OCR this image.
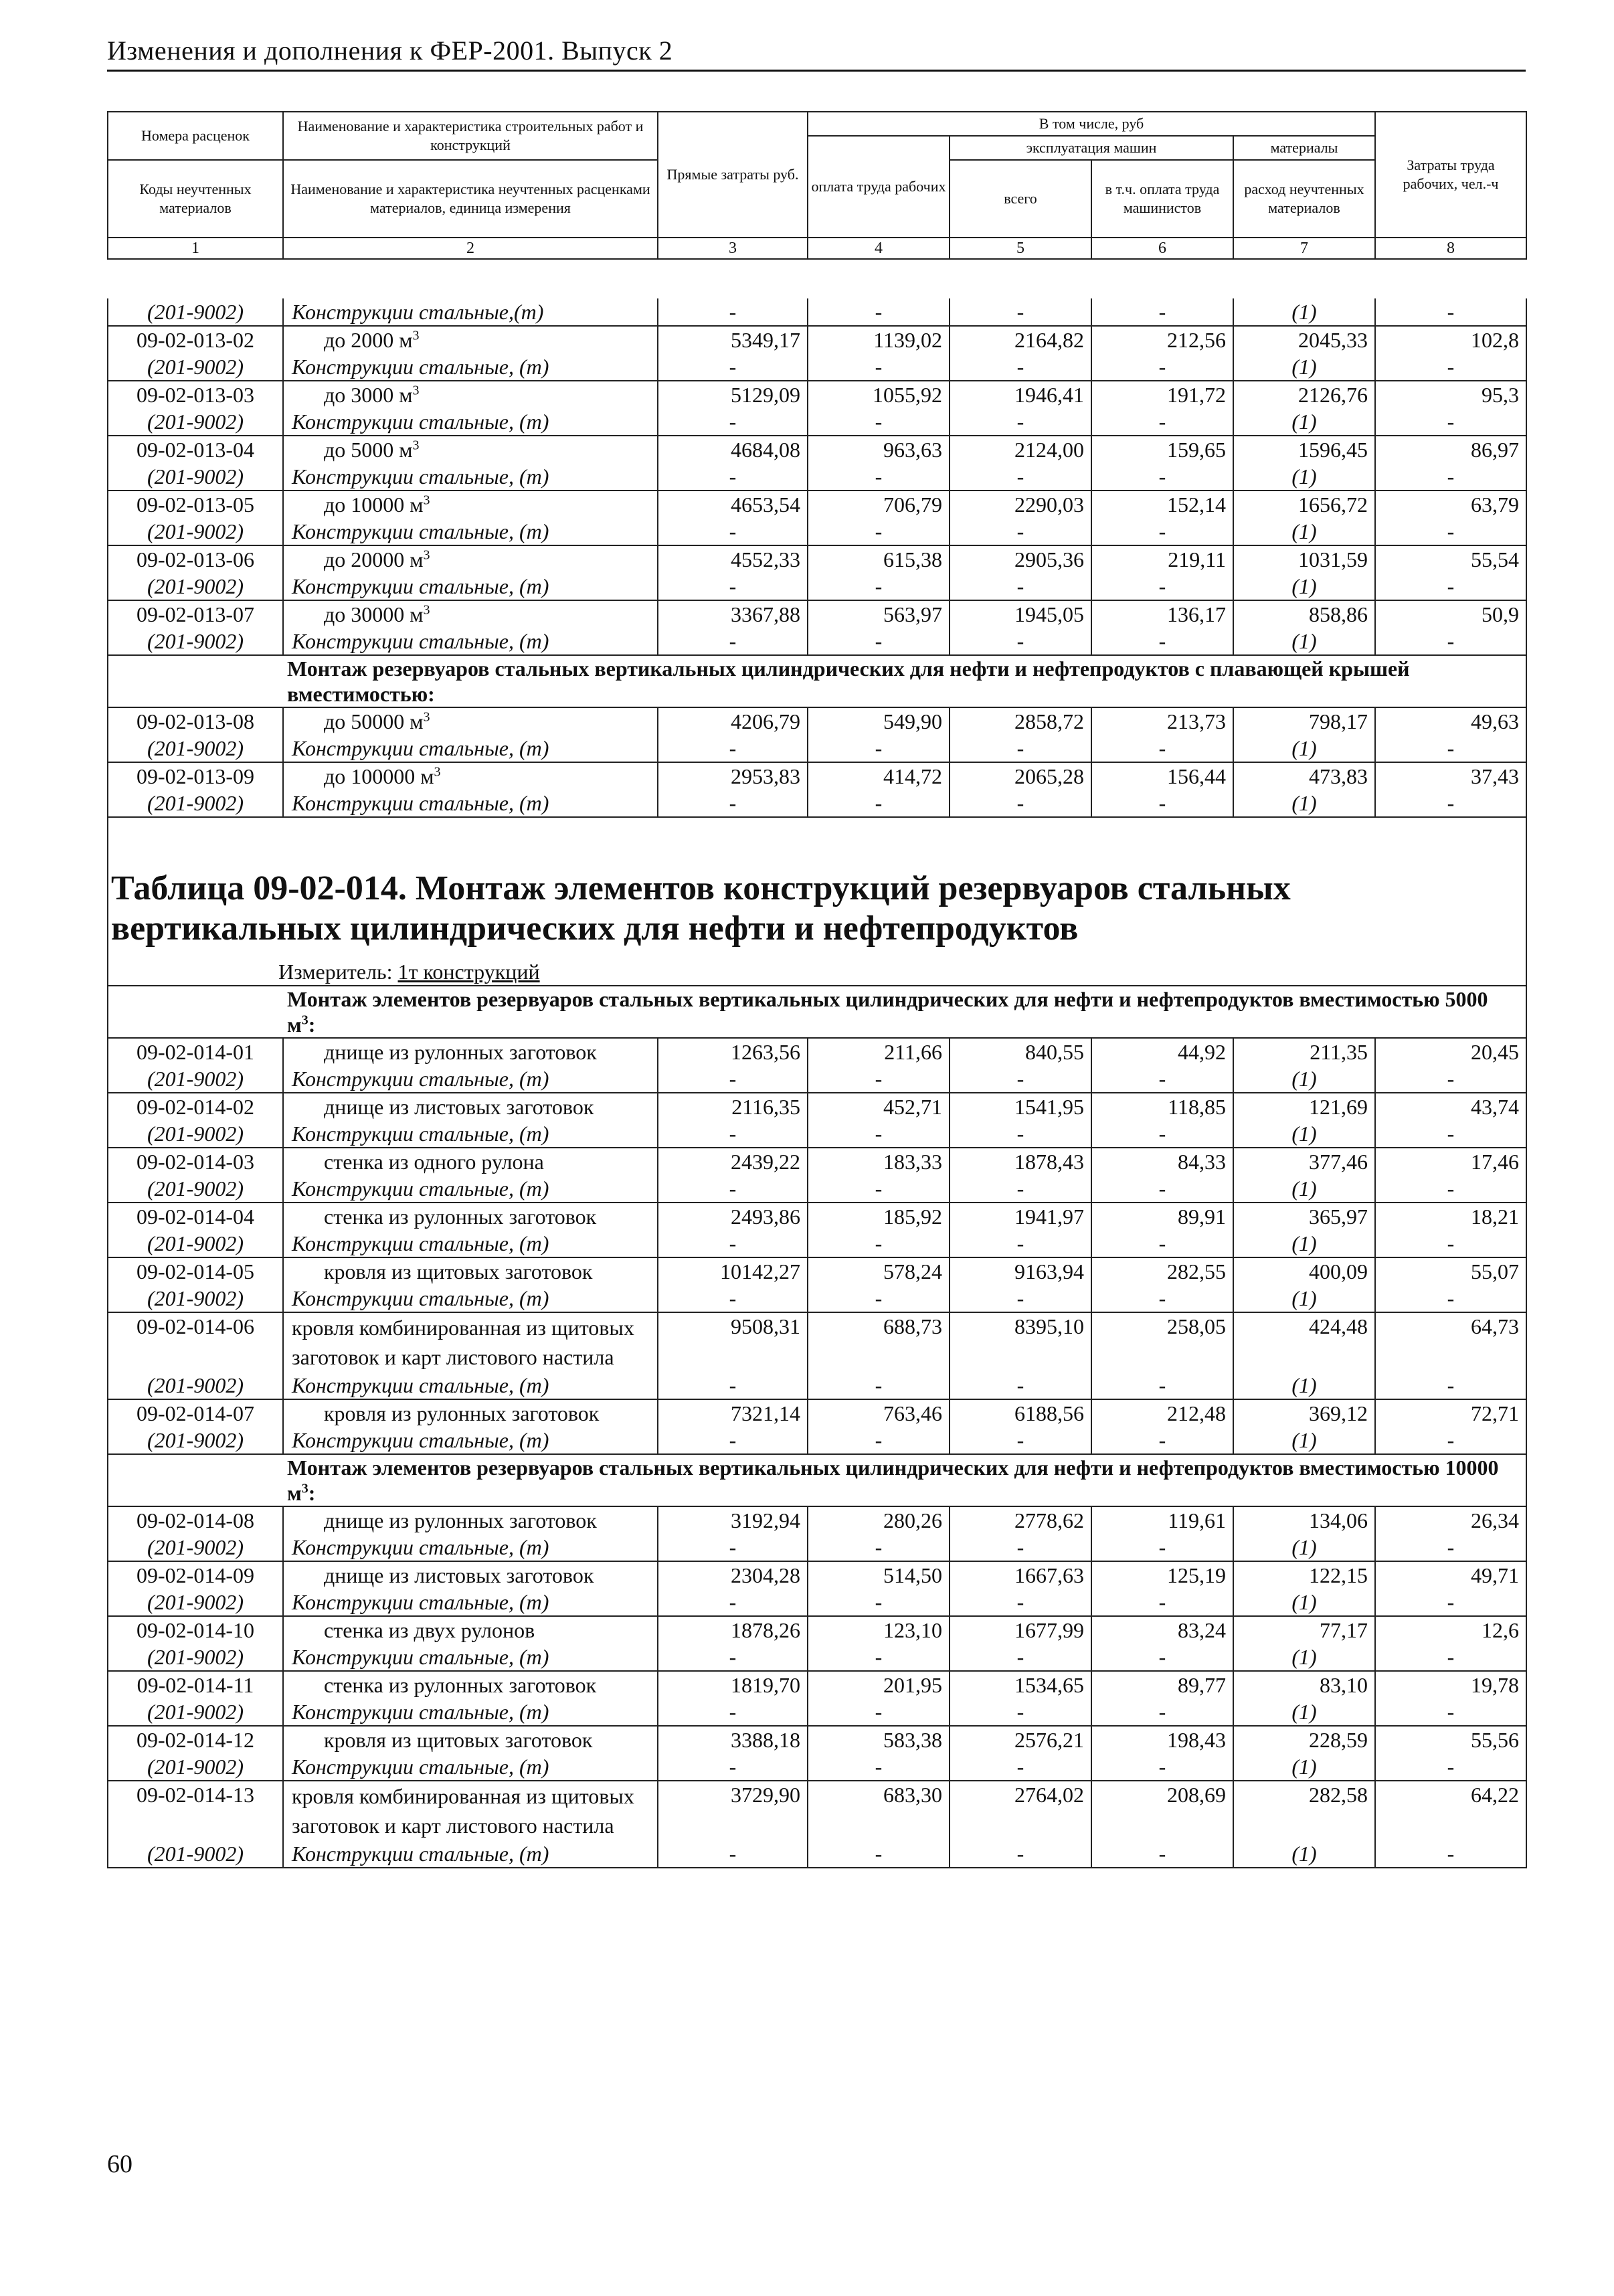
Изменения и дополнения к ФЕР-2001. Выпуск 2
Номера расценок	Наименование и характеристика строительных работ и конструкций	Прямые затраты руб.	В том числе, руб				Затраты труда рабочих, чел.-ч
			оплата труда рабочих	эксплуатация машин		материалы	
Коды неучтенных материалов	Наименование и характеристика неучтенных расценками материалов, единица измерения			всего	в т.ч. оплата труда машинистов	расход неучтенных материалов	

1	2	3	4	5	6	7	8
(201-9002)	Конструкции стальные,(т)	-	-	-	-	(1)	-
09-02-013-02	до 2000 $м^3$	5349,17	1139,02	2164,82	212,56	2045,33	102,8
(201-9002)	Конструкции стальные, (т)	-	-	-	-	(1)	-
09-02-013-03	до 3000 $м^3$	5129,09	1055,92	1946,41	191,72	2126,76	95,3
(201-9002)	Конструкции стальные, (т)	-	-	-	-	(1)	-
09-02-013-04	до 5000 $м^3$	4684,08	963,63	2124,00	159,65	1596,45	86,97
(201-9002)	Конструкции стальные, (т)	-	-	-	-	(1)	-
09-02-013-05	до 10000 $м^3$	4653,54	706,79	2290,03	152,14	1656,72	63,79
(201-9002)	Конструкции стальные, (т)	-	-	-	-	(1)	-
09-02-013-06	до 20000 $м^3$	4552,33	615,38	2905,36	219,11	1031,59	55,54
(201-9002)	Конструкции стальные, (т)	-	-	-	-	(1)	-
09-02-013-07	до 30000 $м^3$	3367,88	563,97	1945,05	136,17	858,86	50,9
(201-9002)	Конструкции стальные, (т)	-	-	-	-	(1)	-
	Монтаж резервуаров стальных вертикальных цилиндрических для нефти и нефтепродуктов с плавающей крышей вместимостью:						
09-02-013-08	до 50000 $м^3$	4206,79	549,90	2858,72	213,73	798,17	49,63
(201-9002)	Конструкции стальные, (т)	-	-	-	-	(1)	-
09-02-013-09	до 100000 $м^3$	2953,83	414,72	2065,28	156,44	473,83	37,43
(201-9002)	Конструкции стальные, (т)	-	-	-	-	(1)	-

Таблица 09-02-014. Монтаж элементов конструкций резервуаров стальных вертикальных цилиндрических для нефти и нефтепродуктов							
Измеритель: 1т конструкций							
	Монтаж элементов резервуаров стальных вертикальных цилиндрических для нефти и нефтепродуктов вместимостью 5000 $м^3$:						
09-02-014-01	днище из рулонных заготовок	1263,56	211,66	840,55	44,92	211,35	20,45
(201-9002)	Конструкции стальные, (т)	-	-	-	-	(1)	-
09-02-014-02	днище из листовых заготовок	2116,35	452,71	1541,95	118,85	121,69	43,74
(201-9002)	Конструкции стальные, (т)	-	-	-	-	(1)	-
09-02-014-03	стенка из одного рулона	2439,22	183,33	1878,43	84,33	377,46	17,46
(201-9002)	Конструкции стальные, (т)	-	-	-	-	(1)	-
09-02-014-04	стенка из рулонных заготовок	2493,86	185,92	1941,97	89,91	365,97	18,21
(201-9002)	Конструкции стальные, (т)	-	-	-	-	(1)	-
09-02-014-05	кровля из щитовых заготовок	10142,27	578,24	9163,94	282,55	400,09	55,07
(201-9002)	Конструкции стальные, (т)	-	-	-	-	(1)	-
09-02-014-06	кровля комбинированная из щитовых заготовок и карт листового настила	9508,31	688,73	8395,10	258,05	424,48	64,73
(201-9002)	Конструкции стальные, (т)	-	-	-	-	(1)	-
09-02-014-07	кровля из рулонных заготовок	7321,14	763,46	6188,56	212,48	369,12	72,71
(201-9002)	Конструкции стальные, (т)	-	-	-	-	(1)	-
	Монтаж элементов резервуаров стальных вертикальных цилиндрических для нефти и нефтепродуктов вместимостью 10000 $м^3$:						
09-02-014-08	днище из рулонных заготовок	3192,94	280,26	2778,62	119,61	134,06	26,34
(201-9002)	Конструкции стальные, (т)	-	-	-	-	(1)	-
09-02-014-09	днище из листовых заготовок	2304,28	514,50	1667,63	125,19	122,15	49,71
(201-9002)	Конструкции стальные, (т)	-	-	-	-	(1)	-
09-02-014-10	стенка из двух рулонов	1878,26	123,10	1677,99	83,24	77,17	12,6
(201-9002)	Конструкции стальные, (т)	-	-	-	-	(1)	-
09-02-014-11	стенка из рулонных заготовок	1819,70	201,95	1534,65	89,77	83,10	19,78
(201-9002)	Конструкции стальные, (т)	-	-	-	-	(1)	-
09-02-014-12	кровля из щитовых заготовок	3388,18	583,38	2576,21	198,43	228,59	55,56
(201-9002)	Конструкции стальные, (т)	-	-	-	-	(1)	-
09-02-014-13	кровля комбинированная из щитовых заготовок и карт листового настила	3729,90	683,30	2764,02	208,69	282,58	64,22
(201-9002)	Конструкции стальные, (т)	-	-	-	-	(1)	-
60
